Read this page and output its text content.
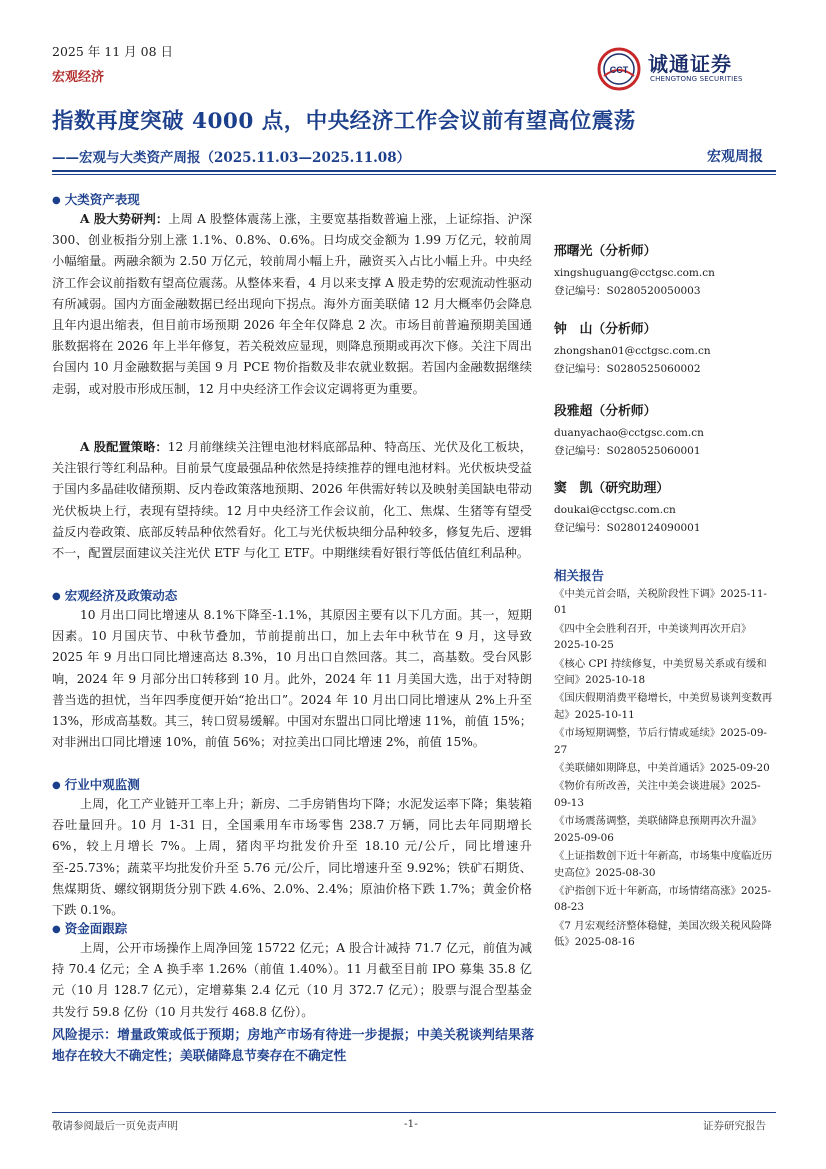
2025 年 11 月 08 日
宏观经济	CCT 诚通证券
CHENGTONG SECURITIES
指数再度突破 4000 点，中央经济工作会议前有望高位震荡
——宏观与大类资产周报（2025.11.03—2025.11.08）	宏观周报
● 大类资产表现
A 股大势研判：上周 A 股整体震荡上涨，主要宽基指数普遍上涨，上证综指、沪深 300、创业板指分别上涨 1.1%、0.8%、0.6%。日均成交金额为 1.99 万亿元，较前周小幅缩量。两融余额为 2.50 万亿元，较前周小幅上升，融资买入占比小幅上升。中央经济工作会议前指数有望高位震荡。从整体来看，4 月以来支撑 A 股走势的宏观流动性驱动有所减弱。国内方面金融数据已经出现向下拐点。海外方面美联储 12 月大概率仍会降息且年内退出缩表，但目前市场预期 2026 年全年仅降息 2 次。市场目前普遍预期美国通胀数据将在 2026 年上半年修复，若关税效应显现，则降息预期或再次下修。关注下周出台国内 10 月金融数据与美国 9 月 PCE 物价指数及非农就业数据。若国内金融数据继续走弱，或对股市形成压制，12 月中央经济工作会议定调将更为重要。
A 股配置策略：12 月前继续关注锂电池材料底部品种、特高压、光伏及化工板块，关注银行等红利品种。目前景气度最强品种依然是持续推荐的锂电池材料。光伏板块受益于国内多晶硅收储预期、反内卷政策落地预期、2026 年供需好转以及映射美国缺电带动光伏板块上行，表现有望持续。12 月中央经济工作会议前，化工、焦煤、生猪等有望受益反内卷政策、底部反转品种依然看好。化工与光伏板块细分品种较多，修复先后、逻辑不一，配置层面建议关注光伏 ETF 与化工 ETF。中期继续看好银行等低估值红利品种。
● 宏观经济及政策动态
10 月出口同比增速从 8.1%下降至-1.1%，其原因主要有以下几方面。其一，短期因素。10 月国庆节、中秋节叠加，节前提前出口，加上去年中秋节在 9 月，这导致 2025 年 9 月出口同比增速高达 8.3%，10 月出口自然回落。其二，高基数。受台风影响，2024 年 9 月部分出口转移到 10 月。此外，2024 年 11 月美国大选，出于对特朗普当选的担忧，当年四季度便开始“抢出口”。2024 年 10 月出口同比增速从 2%上升至 13%，形成高基数。其三，转口贸易缓解。中国对东盟出口同比增速 11%，前值 15%；对非洲出口同比增速 10%，前值 56%；对拉美出口同比增速 2%，前值 15%。
● 行业中观监测
上周，化工产业链开工率上升；新房、二手房销售均下降；水泥发运率下降；集装箱吞吐量回升。10 月 1-31 日，全国乘用车市场零售 238.7 万辆，同比去年同期增长 6%，较上月增长 7%。上周，猪肉平均批发价升至 18.10 元/公斤，同比增速升至-25.73%；蔬菜平均批发价升至 5.76 元/公斤，同比增速升至 9.92%；铁矿石期货、焦煤期货、螺纹钢期货分别下跌 4.6%、2.0%、2.4%；原油价格下跌 1.7%；黄金价格下跌 0.1%。
● 资金面跟踪
上周，公开市场操作上周净回笼 15722 亿元；A 股合计减持 71.7 亿元，前值为减持 70.4 亿元；全 A 换手率 1.26%（前值 1.40%）。11 月截至目前 IPO 募集 35.8 亿元（10 月 128.7 亿元），定增募集 2.4 亿元（10 月 372.7 亿元）；股票与混合型基金共发行 59.8 亿份（10 月共发行 468.8 亿份）。
风险提示：增量政策或低于预期；房地产市场有待进一步提振；中美关税谈判结果落地存在较大不确定性；美联储降息节奏存在不确定性
邢曙光（分析师）
xingshuguang@cctgsc.com.cn
登记编号：S0280520050003
钟　山（分析师）
zhongshan01@cctgsc.com.cn
登记编号：S0280525060002
段雅超（分析师）
duanyachao@cctgsc.com.cn
登记编号：S0280525060001
窦　凯（研究助理）
doukai@cctgsc.com.cn
登记编号：S0280124090001
相关报告
《中美元首会晤，关税阶段性下调》2025-11-01
《四中全会胜利召开，中美谈判再次开启》2025-10-25
《核心 CPI 持续修复，中美贸易关系或有缓和空间》2025-10-18
《国庆假期消费平稳增长，中美贸易谈判变数再起》2025-10-11
《市场短期调整，节后行情或延续》2025-09-27
《美联储如期降息，中美首通话》2025-09-20
《物价有所改善，关注中美会谈进展》2025-09-13
《市场震荡调整，美联储降息预期再次升温》2025-09-06
《上证指数创下近十年新高，市场集中度临近历史高位》2025-08-30
《沪指创下近十年新高，市场情绪高涨》2025-08-23
《7 月宏观经济整体稳健，美国次级关税风险降低》2025-08-16
敬请参阅最后一页免责声明	-1-	证券研究报告
